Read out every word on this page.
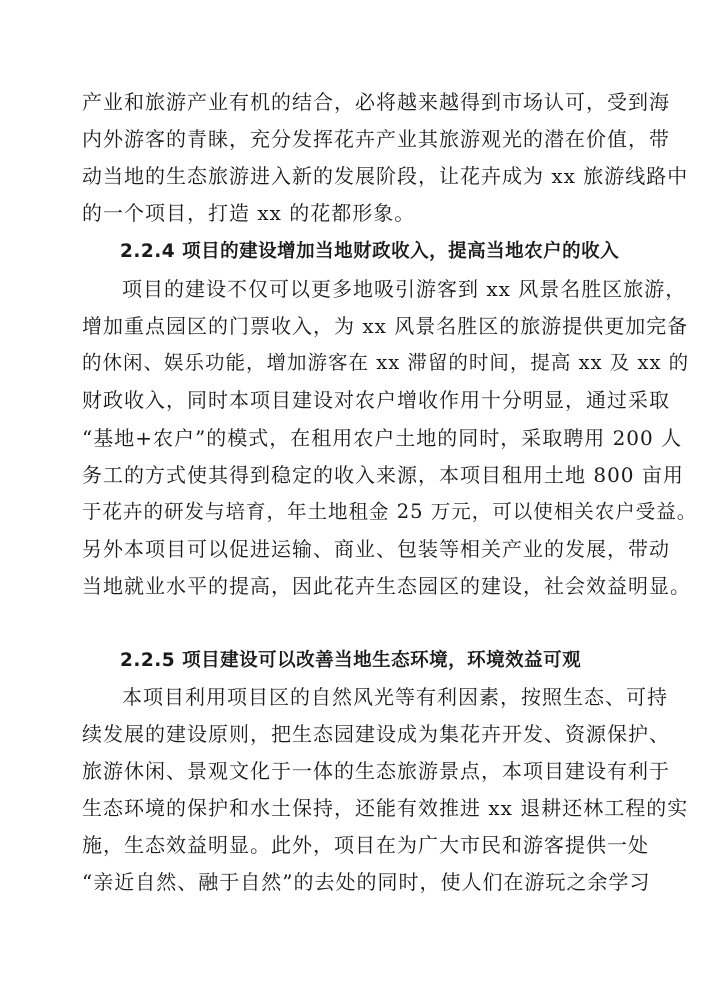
产业和旅游产业有机的结合，必将越来越得到市场认可，受到海
内外游客的青睐，充分发挥花卉产业其旅游观光的潜在价值，带
动当地的生态旅游进入新的发展阶段，让花卉成为 xx 旅游线路中
的一个项目，打造 xx 的花都形象。
2.2.4 项目的建设增加当地财政收入，提高当地农户的收入
项目的建设不仅可以更多地吸引游客到 xx 风景名胜区旅游，
增加重点园区的门票收入，为 xx 风景名胜区的旅游提供更加完备
的休闲、娱乐功能，增加游客在 xx 滞留的时间，提高 xx 及 xx 的
财政收入，同时本项目建设对农户增收作用十分明显，通过采取
“基地+农户”的模式，在租用农户土地的同时，采取聘用 200 人
务工的方式使其得到稳定的收入来源，本项目租用土地 800 亩用
于花卉的研发与培育，年土地租金 25 万元，可以使相关农户受益。
另外本项目可以促进运输、商业、包装等相关产业的发展，带动
当地就业水平的提高，因此花卉生态园区的建设，社会效益明显。
2.2.5 项目建设可以改善当地生态环境，环境效益可观
本项目利用项目区的自然风光等有利因素，按照生态、可持
续发展的建设原则，把生态园建设成为集花卉开发、资源保护、
旅游休闲、景观文化于一体的生态旅游景点，本项目建设有利于
生态环境的保护和水土保持，还能有效推进 xx 退耕还林工程的实
施，生态效益明显。此外，项目在为广大市民和游客提供一处
“亲近自然、融于自然”的去处的同时，使人们在游玩之余学习
